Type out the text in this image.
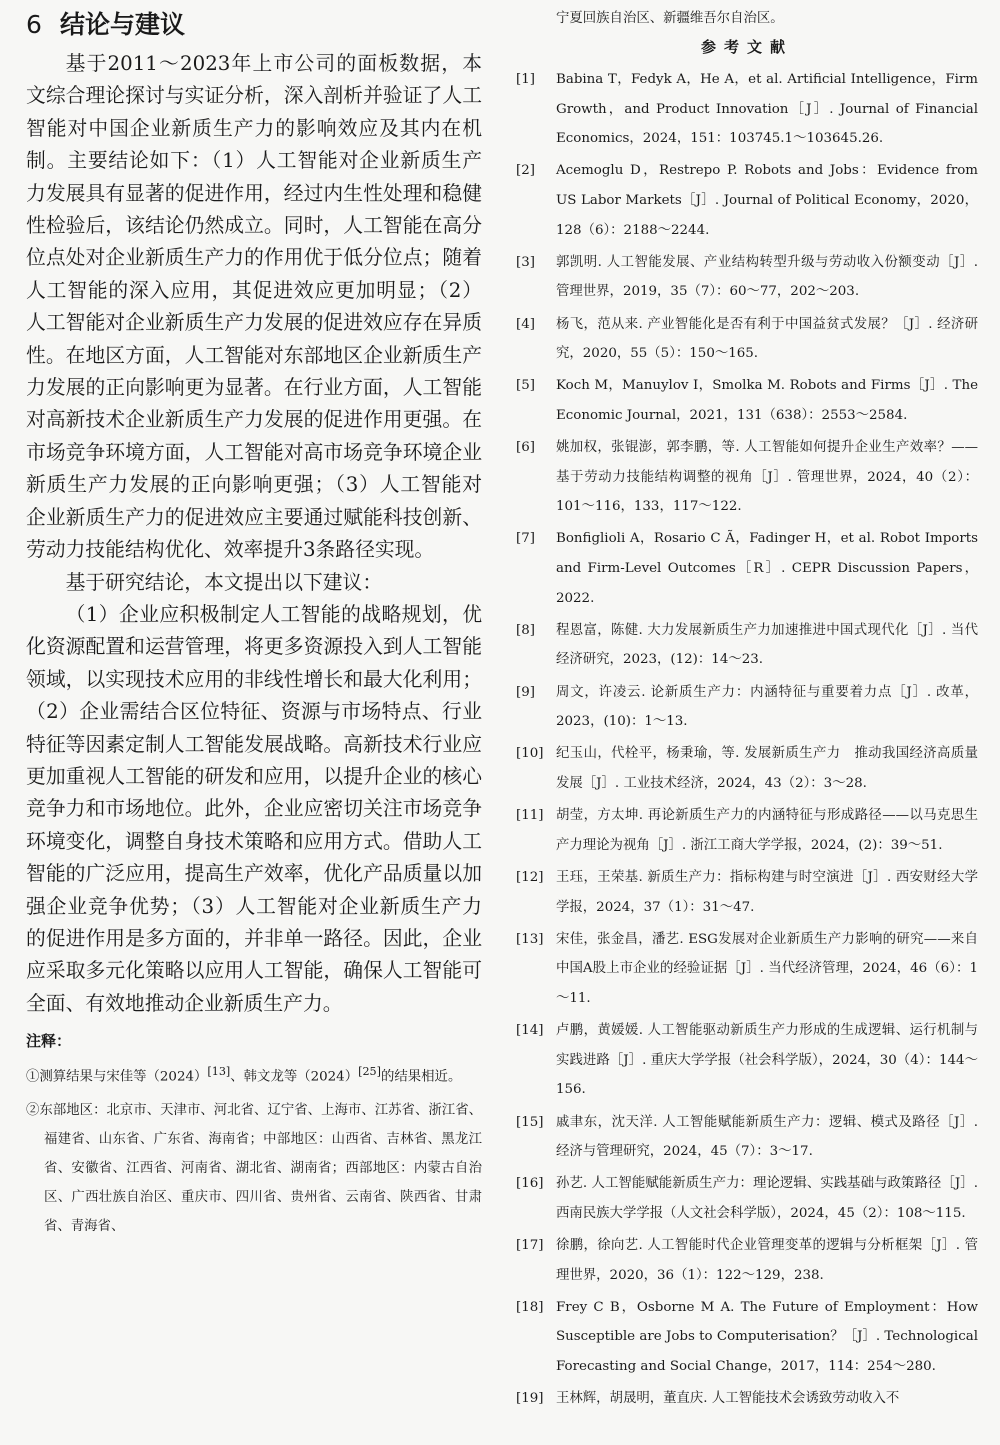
6 结论与建议

基于2011～2023年上市公司的面板数据，本文综合理论探讨与实证分析，深入剖析并验证了人工智能对中国企业新质生产力的影响效应及其内在机制。主要结论如下：（1）人工智能对企业新质生产力发展具有显著的促进作用，经过内生性处理和稳健性检验后，该结论仍然成立。同时，人工智能在高分位点处对企业新质生产力的作用优于低分位点；随着人工智能的深入应用，其促进效应更加明显；（2）人工智能对企业新质生产力发展的促进效应存在异质性。在地区方面，人工智能对东部地区企业新质生产力发展的正向影响更为显著。在行业方面，人工智能对高新技术企业新质生产力发展的促进作用更强。在市场竞争环境方面，人工智能对高市场竞争环境企业新质生产力发展的正向影响更强；（3）人工智能对企业新质生产力的促进效应主要通过赋能科技创新、劳动力技能结构优化、效率提升3条路径实现。

基于研究结论，本文提出以下建议：

（1）企业应积极制定人工智能的战略规划，优化资源配置和运营管理，将更多资源投入到人工智能领域，以实现技术应用的非线性增长和最大化利用；（2）企业需结合区位特征、资源与市场特点、行业特征等因素定制人工智能发展战略。高新技术行业应更加重视人工智能的研发和应用，以提升企业的核心竞争力和市场地位。此外，企业应密切关注市场竞争环境变化，调整自身技术策略和应用方式。借助人工智能的广泛应用，提高生产效率，优化产品质量以加强企业竞争优势；（3）人工智能对企业新质生产力的促进作用是多方面的，并非单一路径。因此，企业应采取多元化策略以应用人工智能，确保人工智能可全面、有效地推动企业新质生产力。

注释：

①测算结果与宋佳等（2024）[13]、韩文龙等（2024）[25]的结果相近。

②东部地区：北京市、天津市、河北省、辽宁省、上海市、江苏省、浙江省、福建省、山东省、广东省、海南省；中部地区：山西省、吉林省、黑龙江省、安徽省、江西省、河南省、湖北省、湖南省；西部地区：内蒙古自治区、广西壮族自治区、重庆市、四川省、贵州省、云南省、陕西省、甘肃省、青海省、

宁夏回族自治区、新疆维吾尔自治区。

参考文献
[1]	Babina T，Fedyk A，He A，et al. Artificial Intelligence，Firm Growth，and Product Innovation［J］. Journal of Financial Economics，2024，151：103745.1～103645.26.
[2]	Acemoglu D，Restrepo P. Robots and Jobs：Evidence from US Labor Markets［J］. Journal of Political Economy，2020，128（6）：2188～2244.
[3]	郭凯明. 人工智能发展、产业结构转型升级与劳动收入份额变动［J］. 管理世界，2019，35（7）：60～77，202～203.
[4]	杨飞，范从来. 产业智能化是否有利于中国益贫式发展？［J］. 经济研究，2020，55（5）：150～165.
[5]	Koch M，Manuylov I，Smolka M. Robots and Firms［J］. The Economic Journal，2021，131（638）：2553～2584.
[6]	姚加权，张锟澎，郭李鹏，等. 人工智能如何提升企业生产效率？——基于劳动力技能结构调整的视角［J］. 管理世界，2024，40（2）：101～116，133，117～122.
[7]	Bonfiglioli A，Rosario C Ã，Fadinger H，et al. Robot Imports and Firm-Level Outcomes［R］. CEPR Discussion Papers，2022.
[8]	程恩富，陈健. 大力发展新质生产力加速推进中国式现代化［J］. 当代经济研究，2023，(12)：14～23.
[9]	周文，许凌云. 论新质生产力：内涵特征与重要着力点［J］. 改革，2023，(10)：1～13.
[10] 纪玉山，代栓平，杨秉瑜，等. 发展新质生产力　推动我国经济高质量发展［J］. 工业技术经济，2024，43（2）：3～28.
[11] 胡莹，方太坤. 再论新质生产力的内涵特征与形成路径——以马克思生产力理论为视角［J］. 浙江工商大学学报，2024，(2)：39～51.
[12] 王珏，王荣基. 新质生产力：指标构建与时空演进［J］. 西安财经大学学报，2024，37（1）：31～47.
[13] 宋佳，张金昌，潘艺. ESG发展对企业新质生产力影响的研究——来自中国A股上市企业的经验证据［J］. 当代经济管理，2024，46（6）：1～11.
[14] 卢鹏，黄媛媛. 人工智能驱动新质生产力形成的生成逻辑、运行机制与实践进路［J］. 重庆大学学报（社会科学版），2024，30（4）：144～156.
[15] 戚聿东，沈天洋. 人工智能赋能新质生产力：逻辑、模式及路径［J］. 经济与管理研究，2024，45（7）：3～17.
[16] 孙艺. 人工智能赋能新质生产力：理论逻辑、实践基础与政策路径［J］. 西南民族大学学报（人文社会科学版），2024，45（2）：108～115.
[17] 徐鹏，徐向艺. 人工智能时代企业管理变革的逻辑与分析框架［J］. 管理世界，2020，36（1）：122～129，238.
[18] Frey C B，Osborne M A. The Future of Employment：How Susceptible are Jobs to Computerisation？［J］. Technological Forecasting and Social Change，2017，114：254～280.
[19] 王林辉，胡晟明，董直庆. 人工智能技术会诱致劳动收入不
